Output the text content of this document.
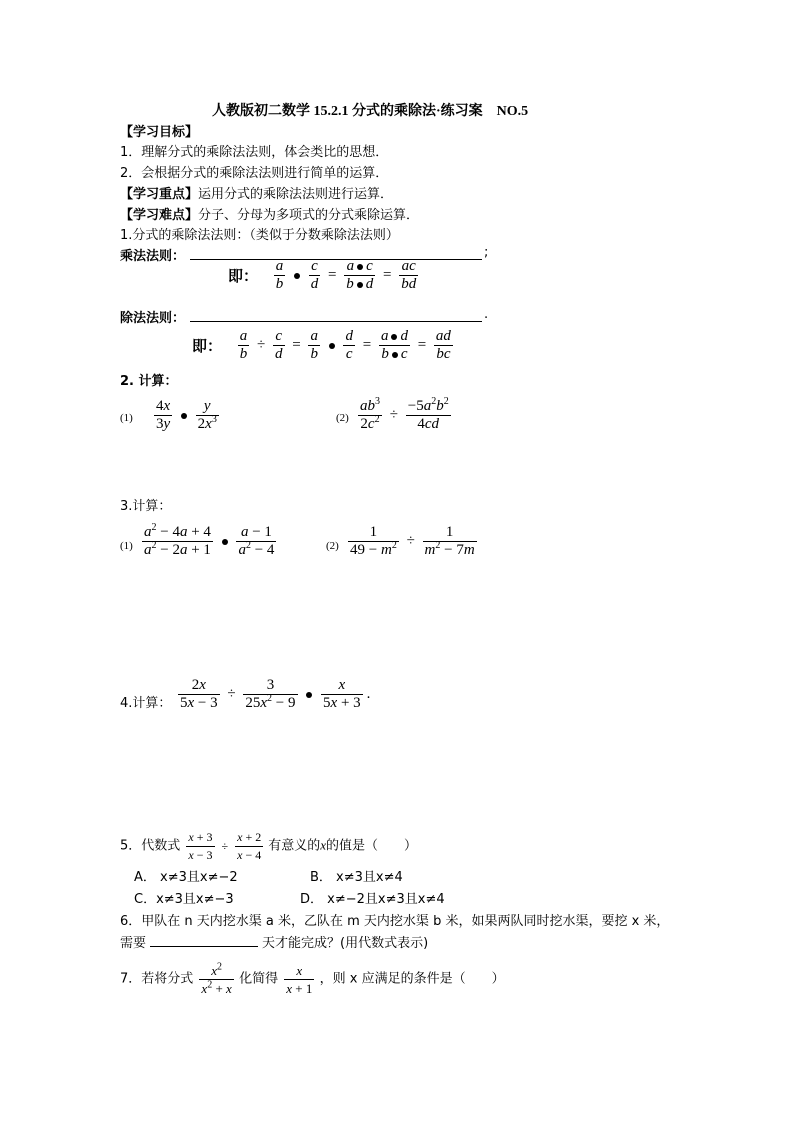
人教版初二数学 15.2.1 分式的乘除法·练习案　NO.5
【学习目标】
1．理解分式的乘除法法则，体会类比的思想．
2．会根据分式的乘除法法则进行简单的运算．
【学习重点】运用分式的乘除法法则进行运算．
【学习难点】分子、分母为多项式的分式乘除运算．
1.分式的乘除法法则：（类似于分数乘除法法则）
乘法法则：	;
即： $\frac{a}{b}$
$\frac{c}{d} = \frac{\text{a c}}{\text{b d}} = \frac{ac}{bd}$
除法法则：	.
即： $\frac{a}{b} \div \frac{c}{d} = \frac{a}{b}$
$\frac{d}{c} = \frac{\text{a d}}{\text{b c}} = \frac{ad}{bc}$
2. 计算：
$(1) \frac{4x}{3y}$
$\frac{y}{2x^3}$	$(2) \frac{ab^3}{2c^2} \div \frac{-5a^2b^2}{4cd}$
3.计算：
$(1) \frac{a^2 - 4a + 4}{a^2 - 2a + 1}$
$\frac{a - 1}{a^2 - 4}$	$(2) \frac{1}{49 - m^2} \div \frac{1}{m^2 - 7m}$
4.计算： $\frac{2x}{5x - 3} \div \frac{3}{25x^2 - 9}$
$\frac{x}{5x + 3}$ .
5．代数式 $\frac{x + 3}{x - 3} \div \frac{x + 2}{x - 4}$ 有意义的x的值是（　　）
A． x≠3且x≠−2	B． x≠3且x≠4
C．x≠3且x≠−3	D． x≠−2且x≠3且x≠4
6．甲队在 n 天内挖水渠 a 米，乙队在 m 天内挖水渠 b 米，如果两队同时挖水渠，要挖 x 米，
需要	天才能完成？(用代数式表示)
7．若将分式 $\frac{x^2}{x^2 + x}$ 化简得 $\frac{x}{x + 1}$ ，则 x 应满足的条件是（　　）
